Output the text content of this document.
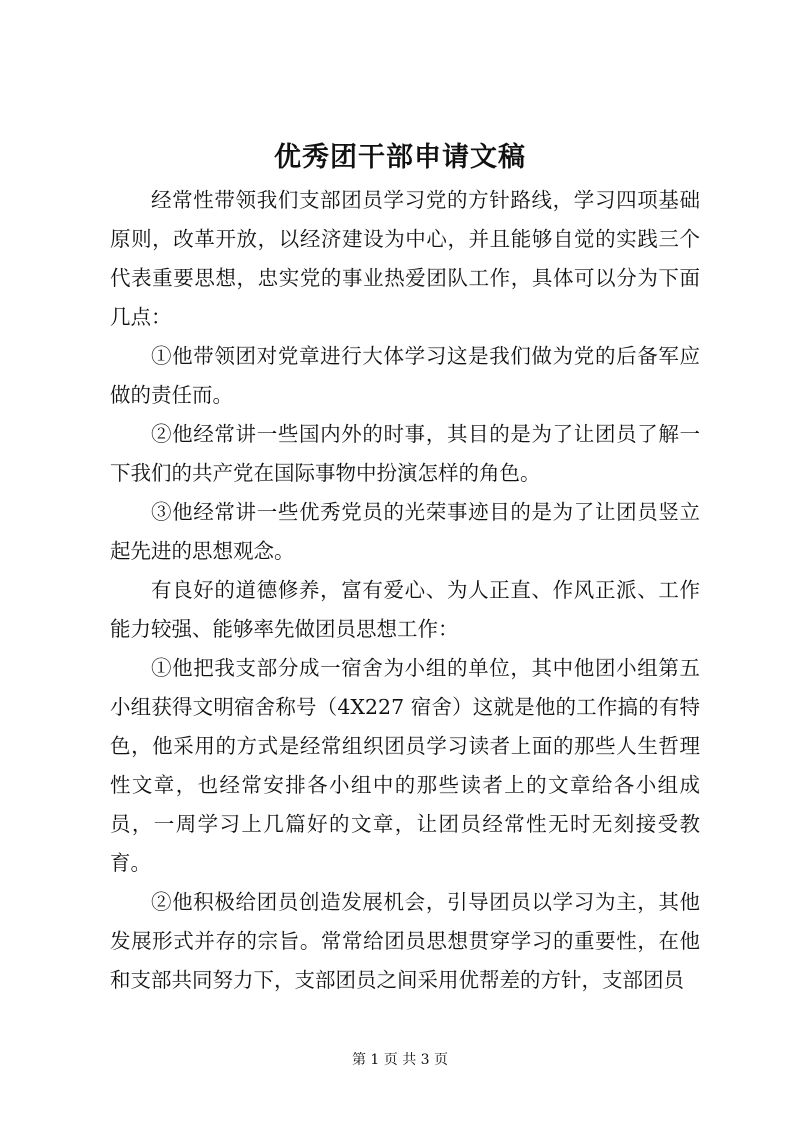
优秀团干部申请文稿

经常性带领我们支部团员学习党的方针路线，学习四项基础原则，改革开放，以经济建设为中心，并且能够自觉的实践三个代表重要思想，忠实党的事业热爱团队工作，具体可以分为下面几点：

①他带领团对党章进行大体学习这是我们做为党的后备军应做的责任而。

②他经常讲一些国内外的时事，其目的是为了让团员了解一下我们的共产党在国际事物中扮演怎样的角色。

③他经常讲一些优秀党员的光荣事迹目的是为了让团员竖立起先进的思想观念。

有良好的道德修养，富有爱心、为人正直、作风正派、工作能力较强、能够率先做团员思想工作：

①他把我支部分成一宿舍为小组的单位，其中他团小组第五小组获得文明宿舍称号（4X227 宿舍）这就是他的工作搞的有特色，他采用的方式是经常组织团员学习读者上面的那些人生哲理性文章，也经常安排各小组中的那些读者上的文章给各小组成员，一周学习上几篇好的文章，让团员经常性无时无刻接受教育。

②他积极给团员创造发展机会，引导团员以学习为主，其他发展形式并存的宗旨。常常给团员思想贯穿学习的重要性，在他和支部共同努力下，支部团员之间采用优帮差的方针，支部团员

第 1 页 共 3 页
